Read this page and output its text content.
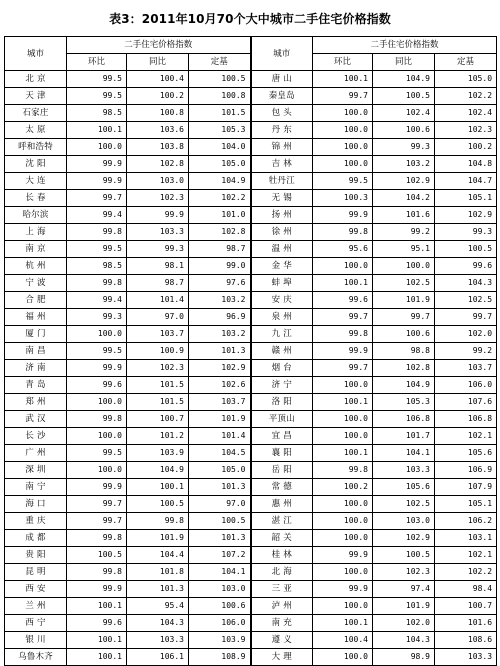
表3：2011年10月70个大中城市二手住宅价格指数
城市	二手住宅价格指数			城市	二手住宅价格指数		
	环比	同比	定基		环比	同比	定基
北 京	99.5	100.4	100.5	唐 山	100.1	104.9	105.0
天 津	99.5	100.2	100.8	秦皇岛	99.7	100.5	102.2
石家庄	98.5	100.8	101.5	包 头	100.0	102.4	102.4
太 原	100.1	103.6	105.3	丹 东	100.0	100.6	102.3
呼和浩特	100.0	103.8	104.0	锦 州	100.0	99.3	100.2
沈 阳	99.9	102.8	105.0	吉 林	100.0	103.2	104.8
大 连	99.9	103.0	104.9	牡丹江	99.5	102.9	104.7
长 春	99.7	102.3	102.2	无 锡	100.3	104.2	105.1
哈尔滨	99.4	99.9	101.0	扬 州	99.9	101.6	102.9
上 海	99.8	103.3	102.8	徐 州	99.8	99.2	99.3
南 京	99.5	99.3	98.7	温 州	95.6	95.1	100.5
杭 州	98.5	98.1	99.0	金 华	100.0	100.0	99.6
宁 波	99.8	98.7	97.6	蚌 埠	100.1	102.5	104.3
合 肥	99.4	101.4	103.2	安 庆	99.6	101.9	102.5
福 州	99.3	97.0	96.9	泉 州	99.7	99.7	99.7
厦 门	100.0	103.7	103.2	九 江	99.8	100.6	102.0
南 昌	99.5	100.9	101.3	赣 州	99.9	98.8	99.2
济 南	99.9	102.3	102.9	烟 台	99.7	102.8	103.7
青 岛	99.6	101.5	102.6	济 宁	100.0	104.9	106.0
郑 州	100.0	101.5	103.7	洛 阳	100.1	105.3	107.6
武 汉	99.8	100.7	101.9	平顶山	100.0	106.8	106.8
长 沙	100.0	101.2	101.4	宜 昌	100.0	101.7	102.1
广 州	99.5	103.9	104.5	襄 阳	100.1	104.1	105.6
深 圳	100.0	104.9	105.0	岳 阳	99.8	103.3	106.9
南 宁	99.9	100.1	101.3	常 德	100.2	105.6	107.9
海 口	99.7	100.5	97.0	惠 州	100.0	102.5	105.1
重 庆	99.7	99.8	100.5	湛 江	100.0	103.0	106.2
成 都	99.8	101.9	101.3	韶 关	100.0	102.9	103.1
贵 阳	100.5	104.4	107.2	桂 林	99.9	100.5	102.1
昆 明	99.8	101.8	104.1	北 海	100.0	102.3	102.2
西 安	99.9	101.3	103.0	三 亚	99.9	97.4	98.4
兰 州	100.1	95.4	100.6	泸 州	100.0	101.9	100.7
西 宁	99.6	104.3	106.0	南 充	100.1	102.0	101.6
银 川	100.1	103.3	103.9	遵 义	100.4	104.3	108.6
乌鲁木齐	100.1	106.1	108.9	大 理	100.0	98.9	103.3
